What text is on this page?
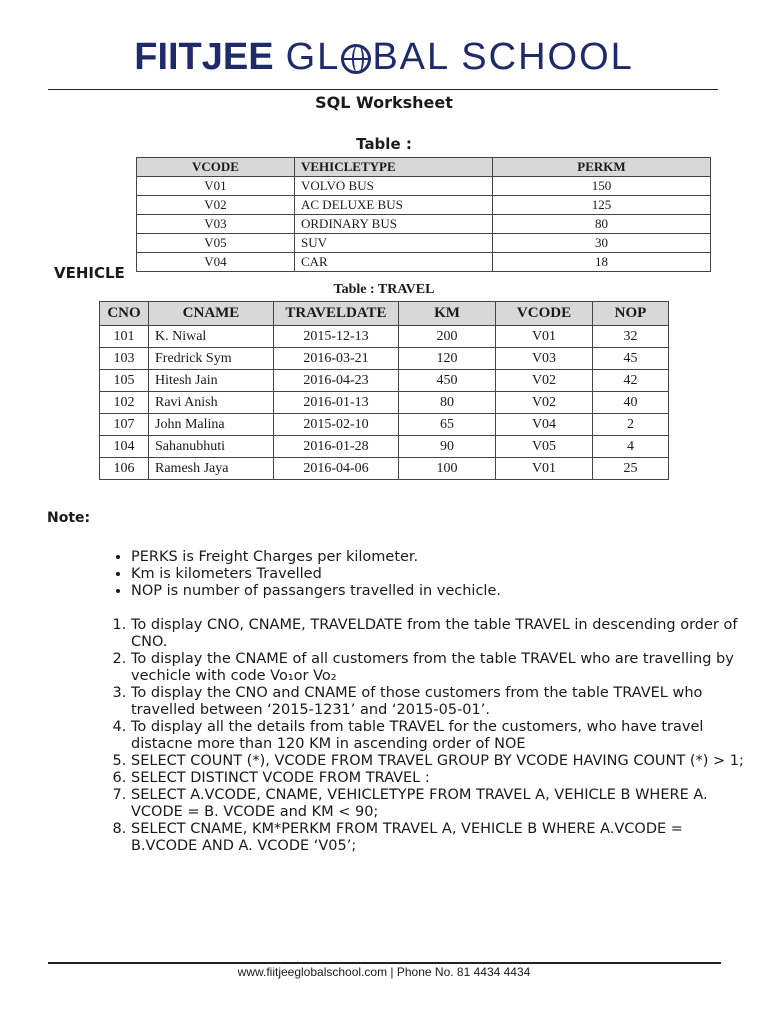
FIITJEE GL BAL SCHOOL
SQL Worksheet
Table :
VEHICLE
VCODE	VEHICLETYPE	PERKM
V01	VOLVO BUS	150
V02	AC DELUXE BUS	125
V03	ORDINARY BUS	80
V05	SUV	30
V04	CAR	18
Table : TRAVEL
CNO	CNAME	TRAVELDATE	KM	VCODE	NOP
101	K. Niwal	2015-12-13	200	V01	32
103	Fredrick Sym	2016-03-21	120	V03	45
105	Hitesh Jain	2016-04-23	450	V02	42
102	Ravi Anish	2016-01-13	80	V02	40
107	John Malina	2015-02-10	65	V04	2
104	Sahanubhuti	2016-01-28	90	V05	4
106	Ramesh Jaya	2016-04-06	100	V01	25
Note:
• PERKS is Freight Charges per kilometer.
• Km is kilometers Travelled
• NOP is number of passangers travelled in vechicle.
1. To display CNO, CNAME, TRAVELDATE from the table TRAVEL in descending order of CNO.
2. To display the CNAME of all customers from the table TRAVEL who are travelling by vechicle with code Vo₁or Vo₂
3. To display the CNO and CNAME of those customers from the table TRAVEL who travelled between ‘2015-1231’ and ‘2015-05-01’.
4. To display all the details from table TRAVEL for the customers, who have travel distacne more than 120 KM in ascending order of NOE
5. SELECT COUNT (*), VCODE FROM TRAVEL GROUP BY VCODE HAVING COUNT (*) > 1;
6. SELECT DISTINCT VCODE FROM TRAVEL :
7. SELECT A.VCODE, CNAME, VEHICLETYPE FROM TRAVEL A, VEHICLE B WHERE A. VCODE = B. VCODE and KM < 90;
8. SELECT CNAME, KM*PERKM FROM TRAVEL A, VEHICLE B WHERE A.VCODE = B.VCODE AND A. VCODE ‘V05’;
www.fiitjeeglobalschool.com | Phone No. 81 4434 4434
